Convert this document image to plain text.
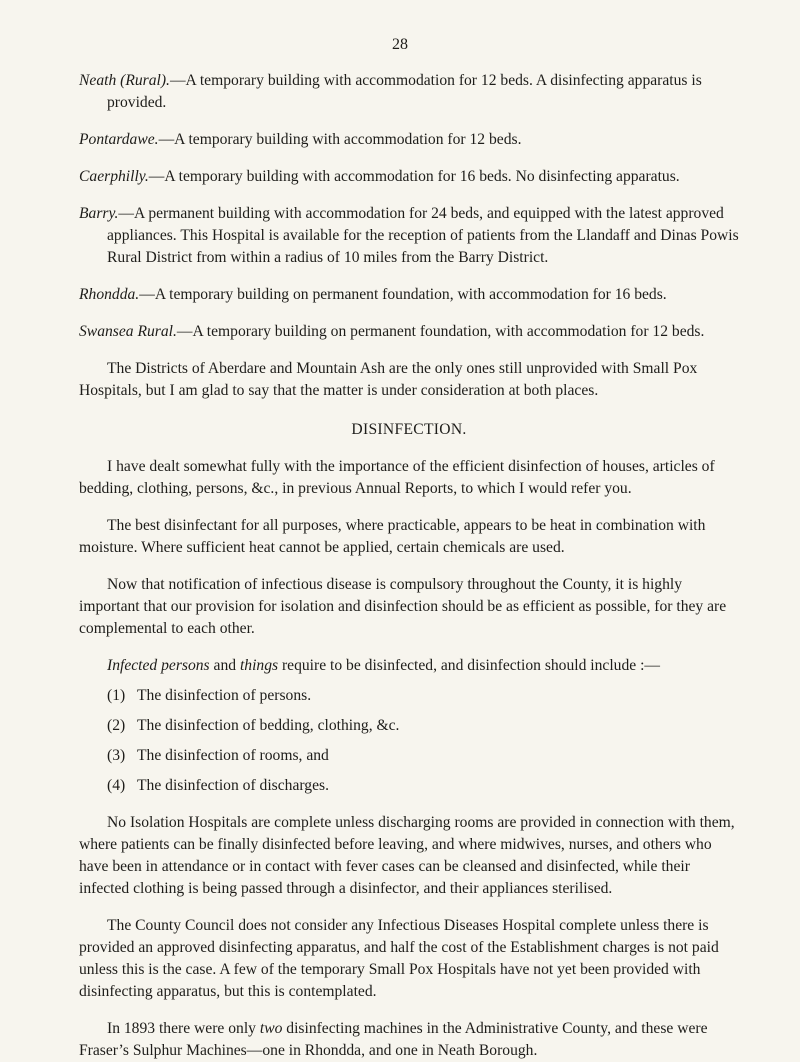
28

Neath (Rural).—A temporary building with accommodation for 12 beds. A disinfecting apparatus is provided.

Pontardawe.—A temporary building with accommodation for 12 beds.

Caerphilly.—A temporary building with accommodation for 16 beds. No disinfecting apparatus.

Barry.—A permanent building with accommodation for 24 beds, and equipped with the latest approved appliances. This Hospital is available for the reception of patients from the Llandaff and Dinas Powis Rural District from within a radius of 10 miles from the Barry District.

Rhondda.—A temporary building on permanent foundation, with accommodation for 16 beds.

Swansea Rural.—A temporary building on permanent foundation, with accommodation for 12 beds.

The Districts of Aberdare and Mountain Ash are the only ones still unprovided with Small Pox Hospitals, but I am glad to say that the matter is under consideration at both places.

DISINFECTION.

I have dealt somewhat fully with the importance of the efficient disinfection of houses, articles of bedding, clothing, persons, &c., in previous Annual Reports, to which I would refer you.

The best disinfectant for all purposes, where practicable, appears to be heat in combination with moisture. Where sufficient heat cannot be applied, certain chemicals are used.

Now that notification of infectious disease is compulsory throughout the County, it is highly important that our provision for isolation and disinfection should be as efficient as possible, for they are complemental to each other.

Infected persons and things require to be disinfected, and disinfection should include :—

(1) The disinfection of persons.

(2) The disinfection of bedding, clothing, &c.

(3) The disinfection of rooms, and

(4) The disinfection of discharges.

No Isolation Hospitals are complete unless discharging rooms are provided in connection with them, where patients can be finally disinfected before leaving, and where midwives, nurses, and others who have been in attendance or in contact with fever cases can be cleansed and disinfected, while their infected clothing is being passed through a disinfector, and their appliances sterilised.

The County Council does not consider any Infectious Diseases Hospital complete unless there is provided an approved disinfecting apparatus, and half the cost of the Establishment charges is not paid unless this is the case. A few of the temporary Small Pox Hospitals have not yet been provided with disinfecting apparatus, but this is contemplated.

In 1893 there were only two disinfecting machines in the Administrative County, and these were Fraser’s Sulphur Machines—one in Rhondda, and one in Neath Borough.
